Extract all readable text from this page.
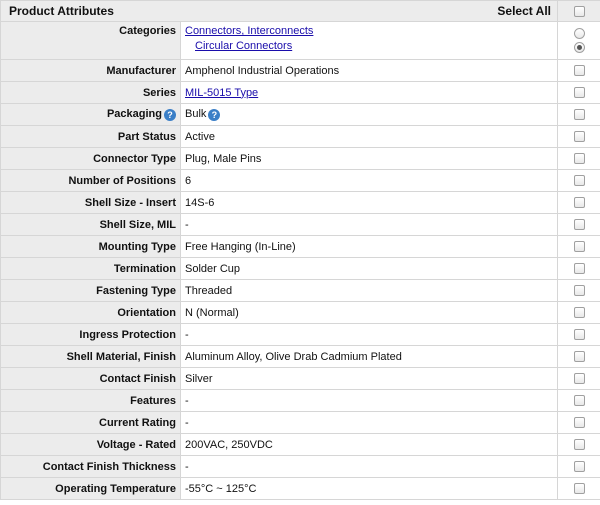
Product Attributes Select All		

Categories	Connectors, Interconnects
Circular Connectors	

Manufacturer	Amphenol Industrial Operations	
Series	MIL-5015 Type	
Packaging ?	Bulk ?	
Part Status	Active	
Connector Type	Plug, Male Pins	
Number of Positions	6	
Shell Size - Insert	14S-6	
Shell Size, MIL	-	
Mounting Type	Free Hanging (In-Line)	
Termination	Solder Cup	
Fastening Type	Threaded	
Orientation	N (Normal)	
Ingress Protection	-	
Shell Material, Finish	Aluminum Alloy, Olive Drab Cadmium Plated	
Contact Finish	Silver	
Features	-	
Current Rating	-	
Voltage - Rated	200VAC, 250VDC	
Contact Finish Thickness	-	
Operating Temperature	-55°C ~ 125°C	
